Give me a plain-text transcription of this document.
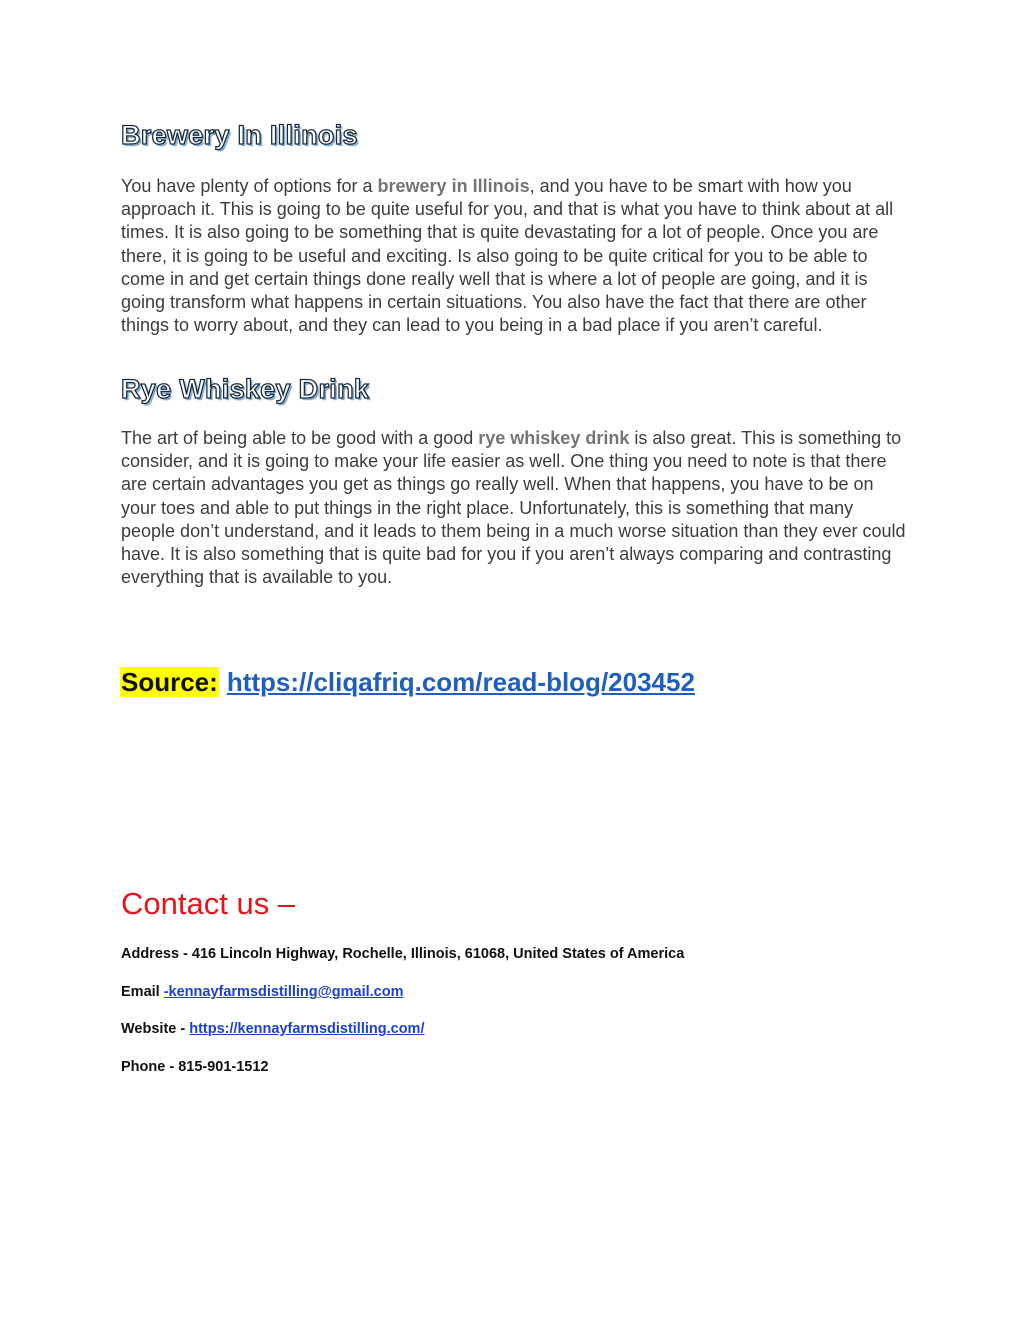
Brewery In Illinois

You have plenty of options for a brewery in Illinois, and you have to be smart with how you approach it. This is going to be quite useful for you, and that is what you have to think about at all times. It is also going to be something that is quite devastating for a lot of people. Once you are there, it is going to be useful and exciting. Is also going to be quite critical for you to be able to come in and get certain things done really well that is where a lot of people are going, and it is going transform what happens in certain situations. You also have the fact that there are other things to worry about, and they can lead to you being in a bad place if you aren’t careful.

Rye Whiskey Drink

The art of being able to be good with a good rye whiskey drink is also great. This is something to consider, and it is going to make your life easier as well. One thing you need to note is that there are certain advantages you get as things go really well. When that happens, you have to be on your toes and able to put things in the right place. Unfortunately, this is something that many people don’t understand, and it leads to them being in a much worse situation than they ever could have. It is also something that is quite bad for you if you aren’t always comparing and contrasting everything that is available to you.

Source: https://cliqafriq.com/read-blog/203452

Contact us –

Address - 416 Lincoln Highway, Rochelle, Illinois, 61068, United States of America

Email -kennayfarmsdistilling@gmail.com

Website - https://kennayfarmsdistilling.com/

Phone - 815-901-1512
